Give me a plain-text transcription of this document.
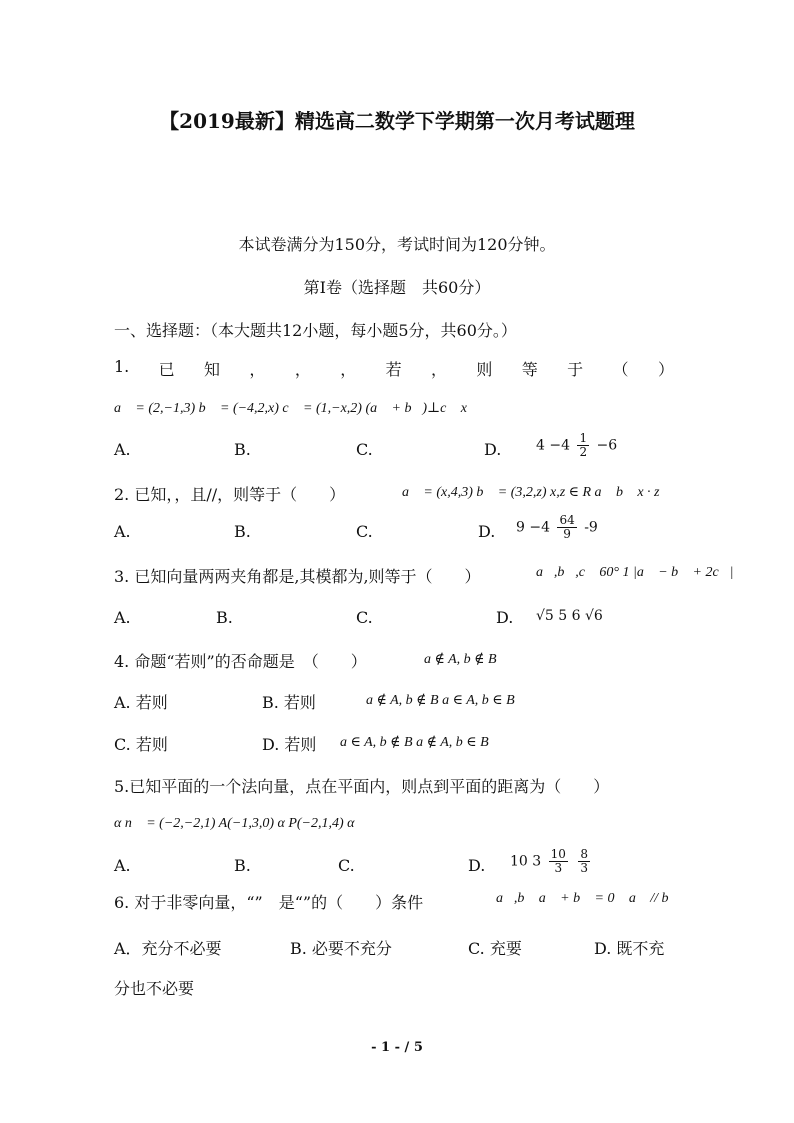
【2019最新】精选高二数学下学期第一次月考试题理
本试卷满分为150分，考试时间为120分钟。
第Ⅰ卷（选择题　共60分）
一、选择题：（本大题共12小题，每小题5分，共60分。）
1. 已 知 ， ， ， 若 ， 则 等 于 （ ）
a⃗ = (2,−1,3) b⃗ = (−4,2,x) c⃗ = (1,−x,2) (a⃗ + b⃗)⊥c⃗ x
A.	B.	C.	D. $4 -4 \frac{1}{2} -6$
2. 已知，，且//，则等于（　　）	a⃗ = (x,4,3) b⃗ = (3,2,z) x,z ∈ R a⃗ b⃗ x · z
A.	B.	C.	D. $9 -4 \frac{64}{9} -9$
3. 已知向量两两夹角都是,其模都为,则等于（　　）	a⃗,b⃗,c⃗ 60° 1 |a⃗ − b⃗ + 2c⃗|
A.	B.	C.	D. √5 5 6 √6
4. 命题“若则”的否命题是　（　　）	a ∉ A, b ∉ B
A. 若则	B. 若则	a ∉ A, b ∉ B a ∈ A, b ∈ B
C. 若则	D. 若则 a ∈ A, b ∉ B a ∉ A, b ∈ B
5.已知平面的一个法向量，点在平面内，则点到平面的距离为（　　）
α n⃗ = (−2,−2,1) A(−1,3,0) α P(−2,1,4) α
A.	B.	C.	D. 10 $3 \frac{10}{3}$
$\frac{8}{3}$
6. 对于非零向量，“”　是“”的（　　）条件	a⃗,b⃗ a⃗ + b⃗ = 0⃗ a⃗ // b⃗
A．充分不必要	B. 必要不充分	C. 充要	D. 既不充
分也不必要
- 1 - / 5
